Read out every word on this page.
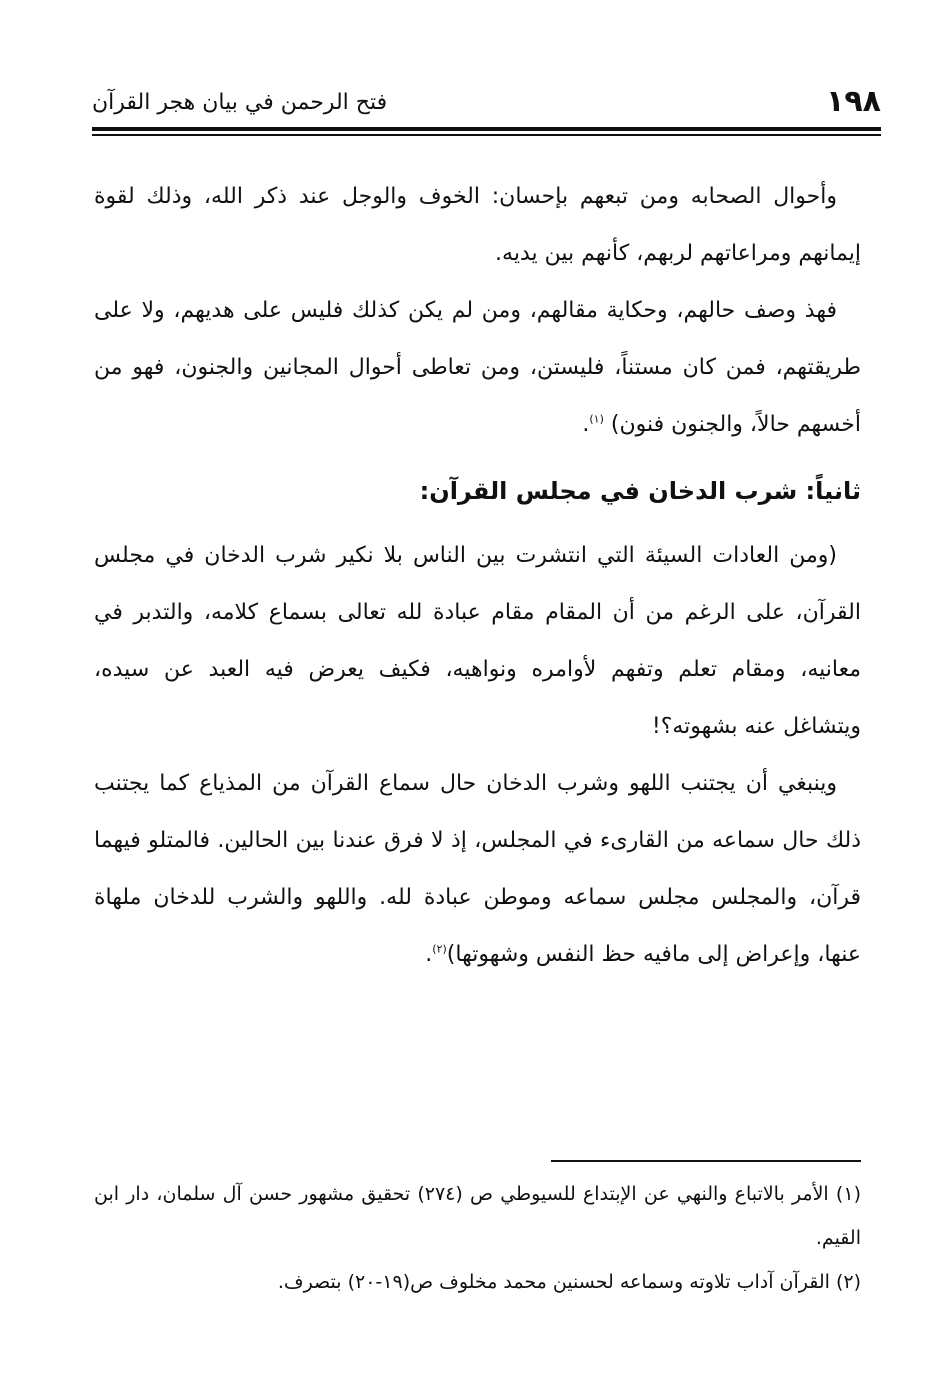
١٩٨
فتح الرحمن في بيان هجر القرآن

وأحوال الصحابه ومن تبعهم بإحسان: الخوف والوجل عند ذكر الله، وذلك لقوة إيمانهم ومراعاتهم لربهم، كأنهم بين يديه.

فهذ وصف حالهم، وحكاية مقالهم، ومن لم يكن كذلك فليس على هديهم، ولا على طريقتهم، فمن كان مستناً، فليستن، ومن تعاطى أحوال المجانين والجنون، فهو من أخسهم حالاً، والجنون فنون) $^{(١)}$.

ثانياً: شرب الدخان في مجلس القرآن:

(ومن العادات السيئة التي انتشرت بين الناس بلا نكير شرب الدخان في مجلس القرآن، على الرغم من أن المقام مقام عبادة لله تعالى بسماع كلامه، والتدبر في معانيه، ومقام تعلم وتفهم لأوامره ونواهيه، فكيف يعرض فيه العبد عن سيده، ويتشاغل عنه بشهوته؟!

وينبغي أن يجتنب اللهو وشرب الدخان حال سماع القرآن من المذياع كما يجتنب ذلك حال سماعه من القارىء في المجلس، إذ لا فرق عندنا بين الحالين. فالمتلو فيهما قرآن، والمجلس مجلس سماعه وموطن عبادة لله. واللهو والشرب للدخان ملهاة عنها، وإعراض إلى مافيه حظ النفس وشهوتها)$^{(٢)}$.

(١) الأمر بالاتباع والنهي عن الإبتداع للسيوطي ص (٢٧٤) تحقيق مشهور حسن آل سلمان، دار ابن القيم.

(٢) القرآن آداب تلاوته وسماعه لحسنين محمد مخلوف ص(١٩-٢٠) بتصرف.
